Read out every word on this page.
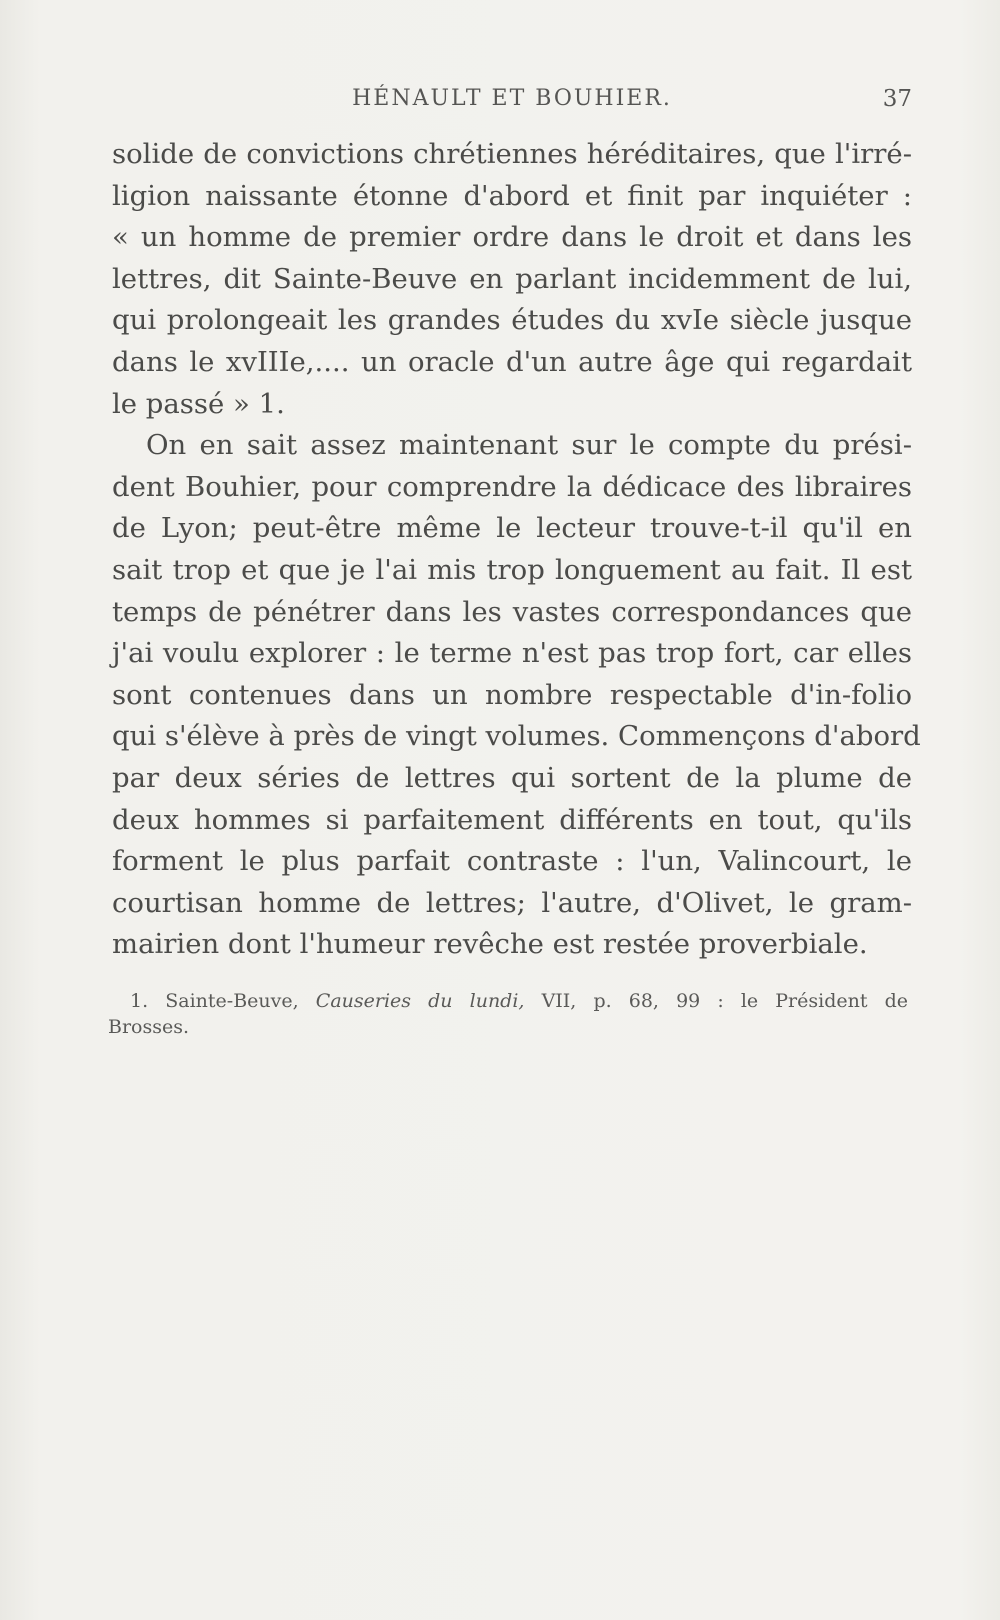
HÉNAULT ET BOUHIER.	37
solide de convictions chrétiennes héréditaires, que l'irré-
ligion naissante étonne d'abord et finit par inquiéter :
« un homme de premier ordre dans le droit et dans les
lettres, dit Sainte-Beuve en parlant incidemment de lui,
qui prolongeait les grandes études du xvIe siècle jusque
dans le xvIIIe,.... un oracle d'un autre âge qui regardait
le passé » 1.
On en sait assez maintenant sur le compte du prési-
dent Bouhier, pour comprendre la dédicace des libraires
de Lyon; peut-être même le lecteur trouve-t-il qu'il en
sait trop et que je l'ai mis trop longuement au fait. Il est
temps de pénétrer dans les vastes correspondances que
j'ai voulu explorer : le terme n'est pas trop fort, car elles
sont contenues dans un nombre respectable d'in-folio
qui s'élève à près de vingt volumes. Commençons d'abord
par deux séries de lettres qui sortent de la plume de
deux hommes si parfaitement différents en tout, qu'ils
forment le plus parfait contraste : l'un, Valincourt, le
courtisan homme de lettres; l'autre, d'Olivet, le gram-
mairien dont l'humeur revêche est restée proverbiale.
1. Sainte-Beuve, Causeries du lundi, VII, p. 68, 99 : le Président de
Brosses.
